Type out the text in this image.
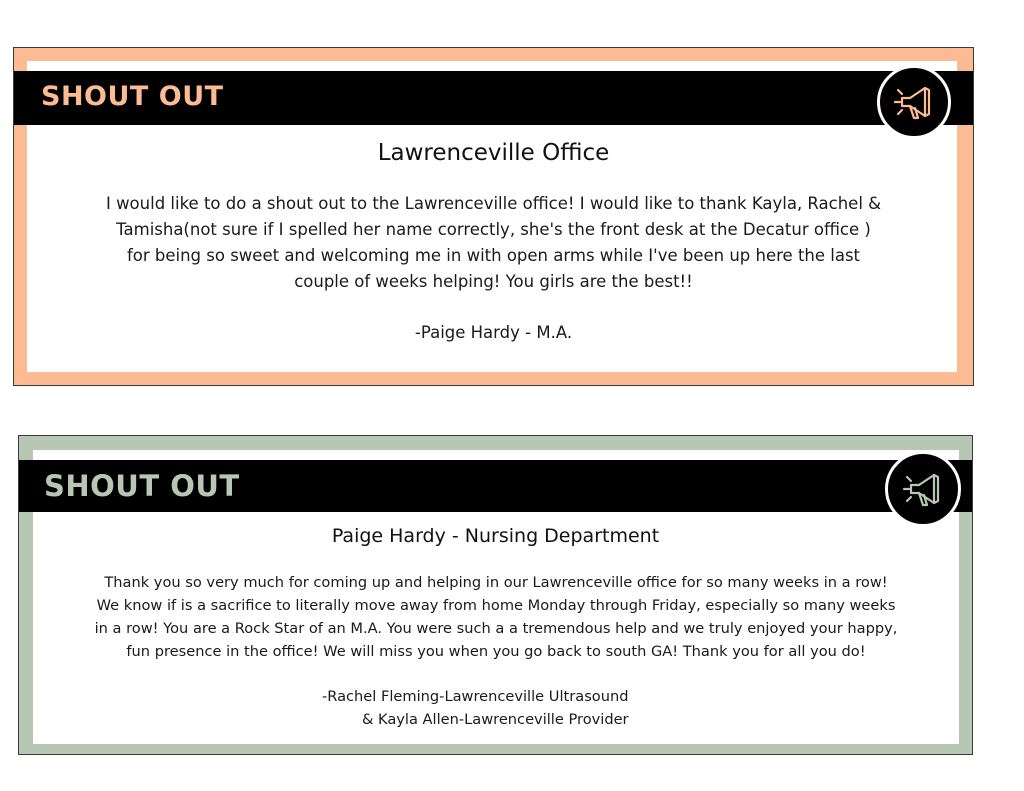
SHOUT OUT
Lawrenceville Office
I would like to do a shout out to the Lawrenceville office! I would like to thank Kayla, Rachel &
Tamisha(not sure if I spelled her name correctly, she's the front desk at the Decatur office )
for being so sweet and welcoming me in with open arms while I've been up here the last
couple of weeks helping! You girls are the best!!
-Paige Hardy - M.A.
SHOUT OUT
Paige Hardy - Nursing Department
Thank you so very much for coming up and helping in our Lawrenceville office for so many weeks in a row!
We know if is a sacrifice to literally move away from home Monday through Friday, especially so many weeks
in a row! You are a Rock Star of an M.A. You were such a a tremendous help and we truly enjoyed your happy,
fun presence in the office! We will miss you when you go back to south GA! Thank you for all you do!
-Rachel Fleming-Lawrenceville Ultrasound
& Kayla Allen-Lawrenceville Provider
